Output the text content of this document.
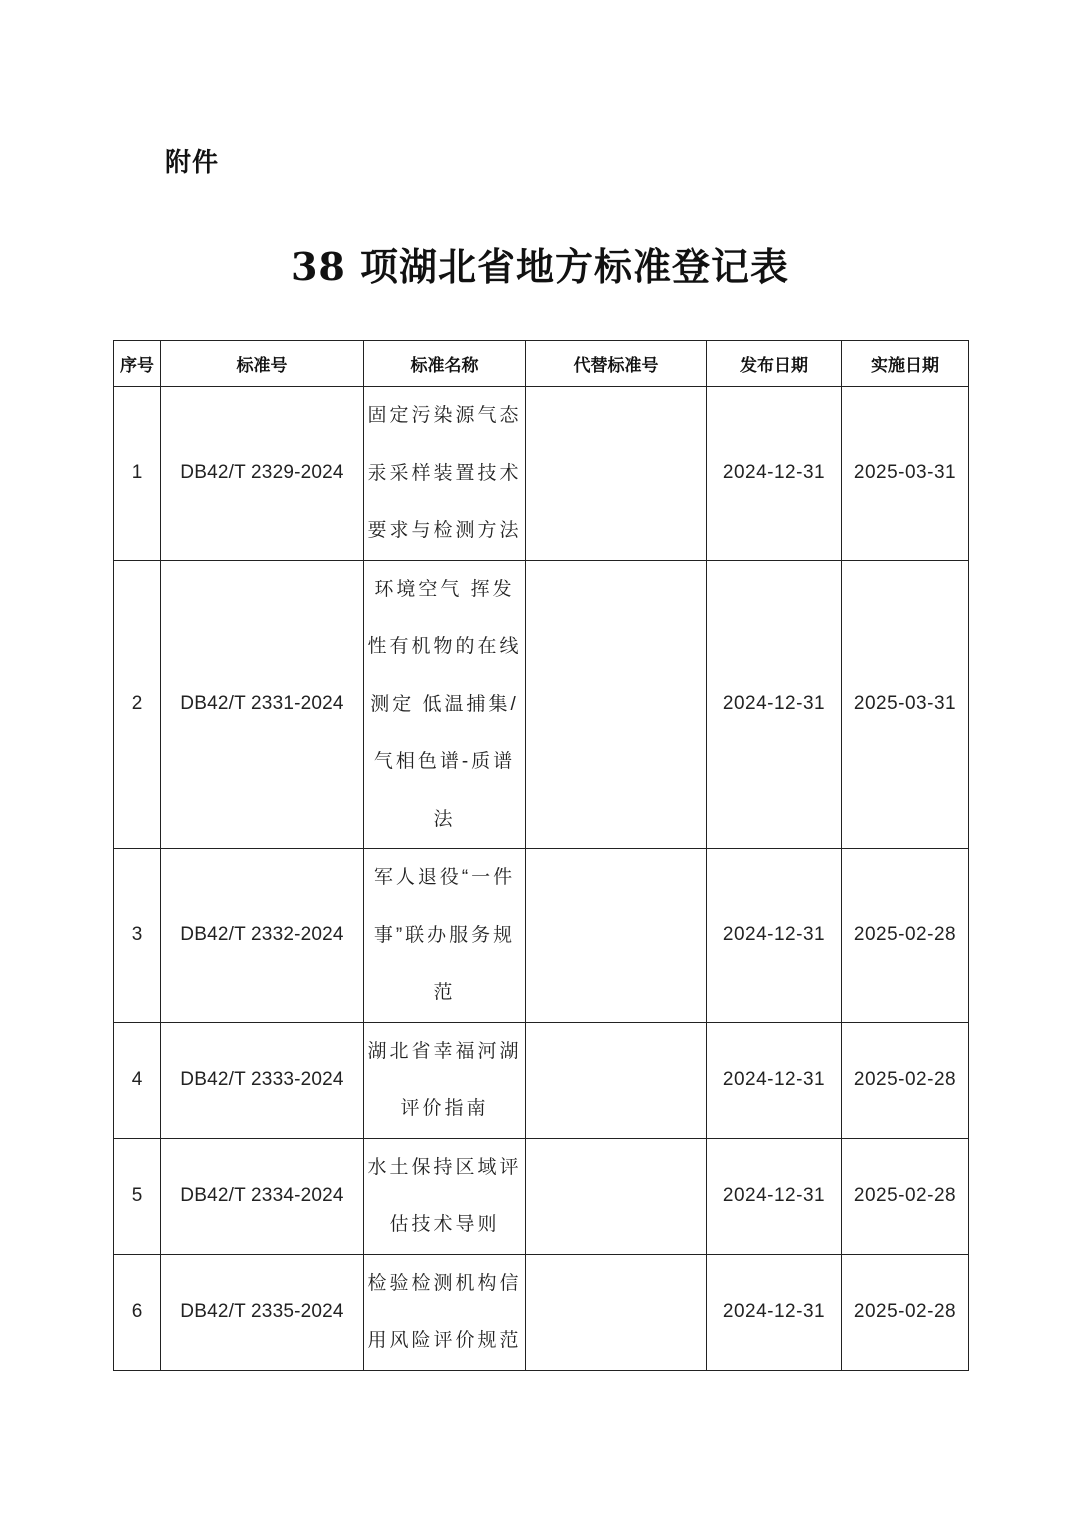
附件
38 项湖北省地方标准登记表
序号	标准号	标准名称	代替标准号	发布日期	实施日期
1	DB42/T 2329-2024	固定污染源气态汞采样装置技术要求与检测方法		2024-12-31	2025-03-31
2	DB42/T 2331-2024	环境空气 挥发性有机物的在线测定 低温捕集/气相色谱-质谱法		2024-12-31	2025-03-31
3	DB42/T 2332-2024	军人退役“一件事”联办服务规范		2024-12-31	2025-02-28
4	DB42/T 2333-2024	湖北省幸福河湖评价指南		2024-12-31	2025-02-28
5	DB42/T 2334-2024	水土保持区域评估技术导则		2024-12-31	2025-02-28
6	DB42/T 2335-2024	检验检测机构信用风险评价规范		2024-12-31	2025-02-28
